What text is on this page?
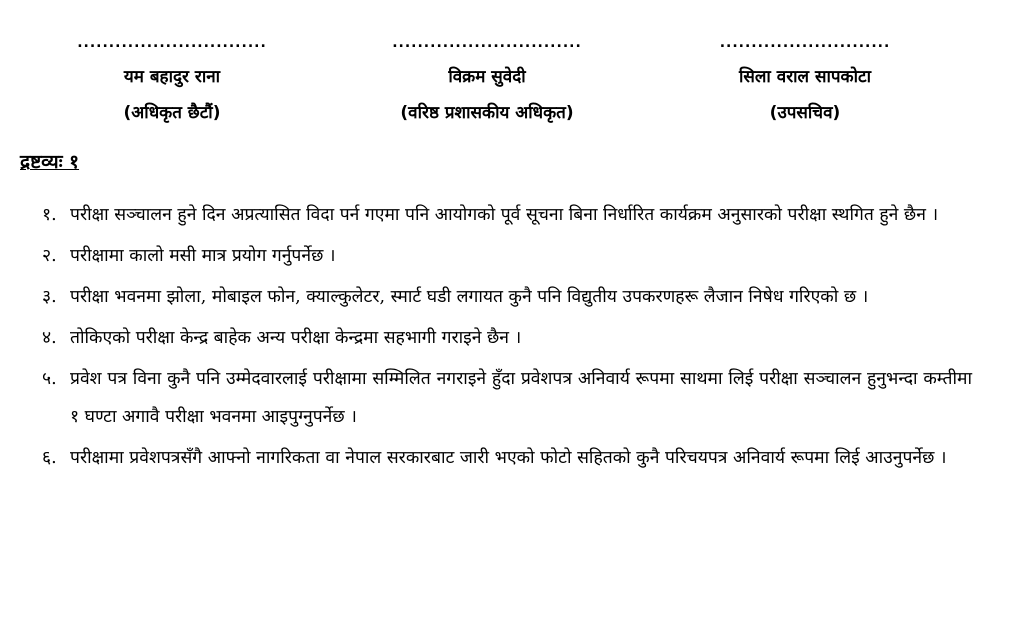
..............................
यम बहादुर राना
(अधिकृत छैटौं)
..............................
विक्रम सुवेदी
(वरिष्ठ प्रशासकीय अधिकृत)
...........................
सिला वराल सापकोटा
(उपसचिव)
द्रष्टव्यः १
१. परीक्षा सञ्चालन हुने दिन अप्रत्यासित विदा पर्न गएमा पनि आयोगको पूर्व सूचना बिना निर्धारित कार्यक्रम अनुसारको परीक्षा स्थगित हुने छैन ।
२. परीक्षामा कालो मसी मात्र प्रयोग गर्नुपर्नेछ ।
३. परीक्षा भवनमा झोला, मोबाइल फोन, क्याल्कुलेटर, स्मार्ट घडी लगायत कुनै पनि विद्युतीय उपकरणहरू लैजान निषेध गरिएको छ ।
४. तोकिएको परीक्षा केन्द्र बाहेक अन्य परीक्षा केन्द्रमा सहभागी गराइने छैन ।
५. प्रवेश पत्र विना कुनै पनि उम्मेदवारलाई परीक्षामा सम्मिलित नगराइने हुँदा प्रवेशपत्र अनिवार्य रूपमा साथमा लिई परीक्षा सञ्चालन हुनुभन्दा कम्तीमा १ घण्टा अगावै परीक्षा भवनमा आइपुग्नुपर्नेछ ।
६. परीक्षामा प्रवेशपत्रसँगै आफ्नो नागरिकता वा नेपाल सरकारबाट जारी भएको फोटो सहितको कुनै परिचयपत्र अनिवार्य रूपमा लिई आउनुपर्नेछ ।
